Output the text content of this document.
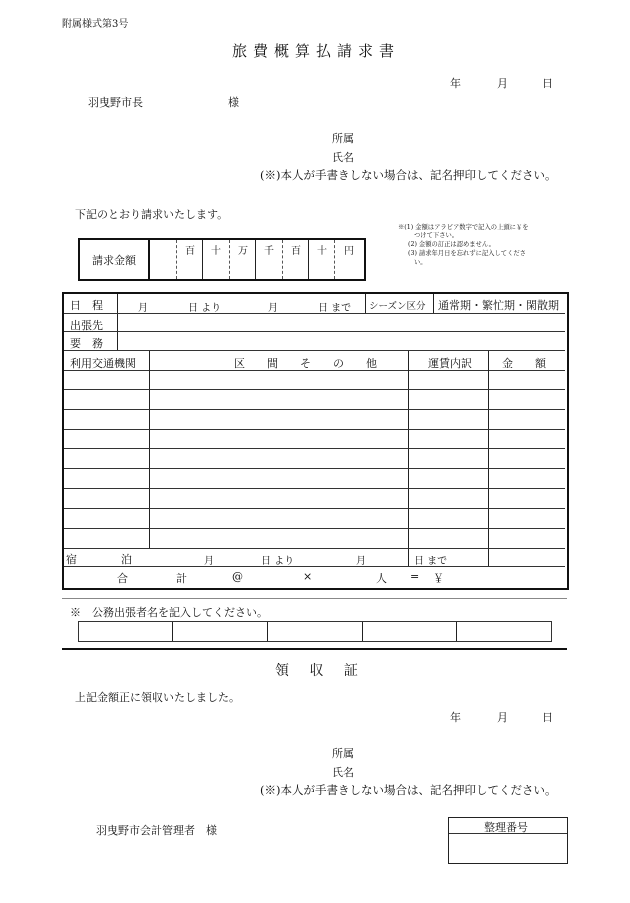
附属様式第3号
旅費概算払請求書
年	月	日
羽曳野市長	様
所属
氏名
(※)本人が手書きしない場合は、記名押印してください。
下記のとおり請求いたします。
請求金額
百 十 万 千 百 十 円
※(1) 金額はアラビア数字で記入の上頭に￥を
つけて下さい。
(2) 金額の訂正は認めません。
(3) 請求年月日を忘れずに記入してくださ
い。
日　程	月	日 より	月	日 まで シーズン区分 通常期・繁忙期・閑散期
出張先
要　務
利用交通機関	区　　間　　そ　　の　　他	運賃内訳	金　　額
宿　　　　泊	月	日 より	月	日 まで
合	計	@	×	人 = ￥
※　公務出張者名を記入してください。
領 収 証
上記金額正に領収いたしました。
年	月	日
所属
氏名
(※)本人が手書きしない場合は、記名押印してください。
羽曳野市会計管理者　様	整理番号
